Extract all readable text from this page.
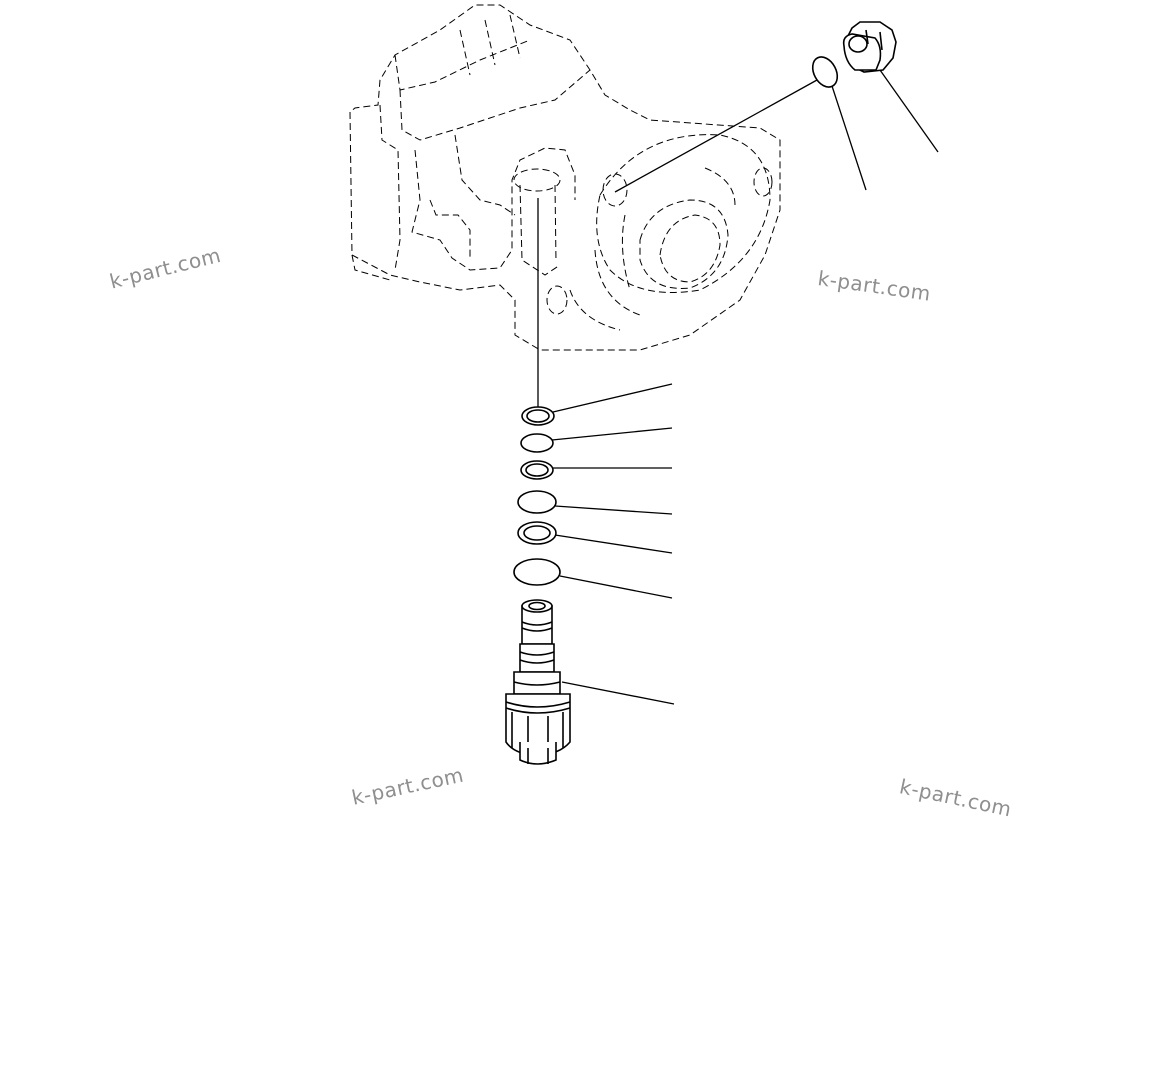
k-part.com	k-part.com
k-part.com	k-part.com
